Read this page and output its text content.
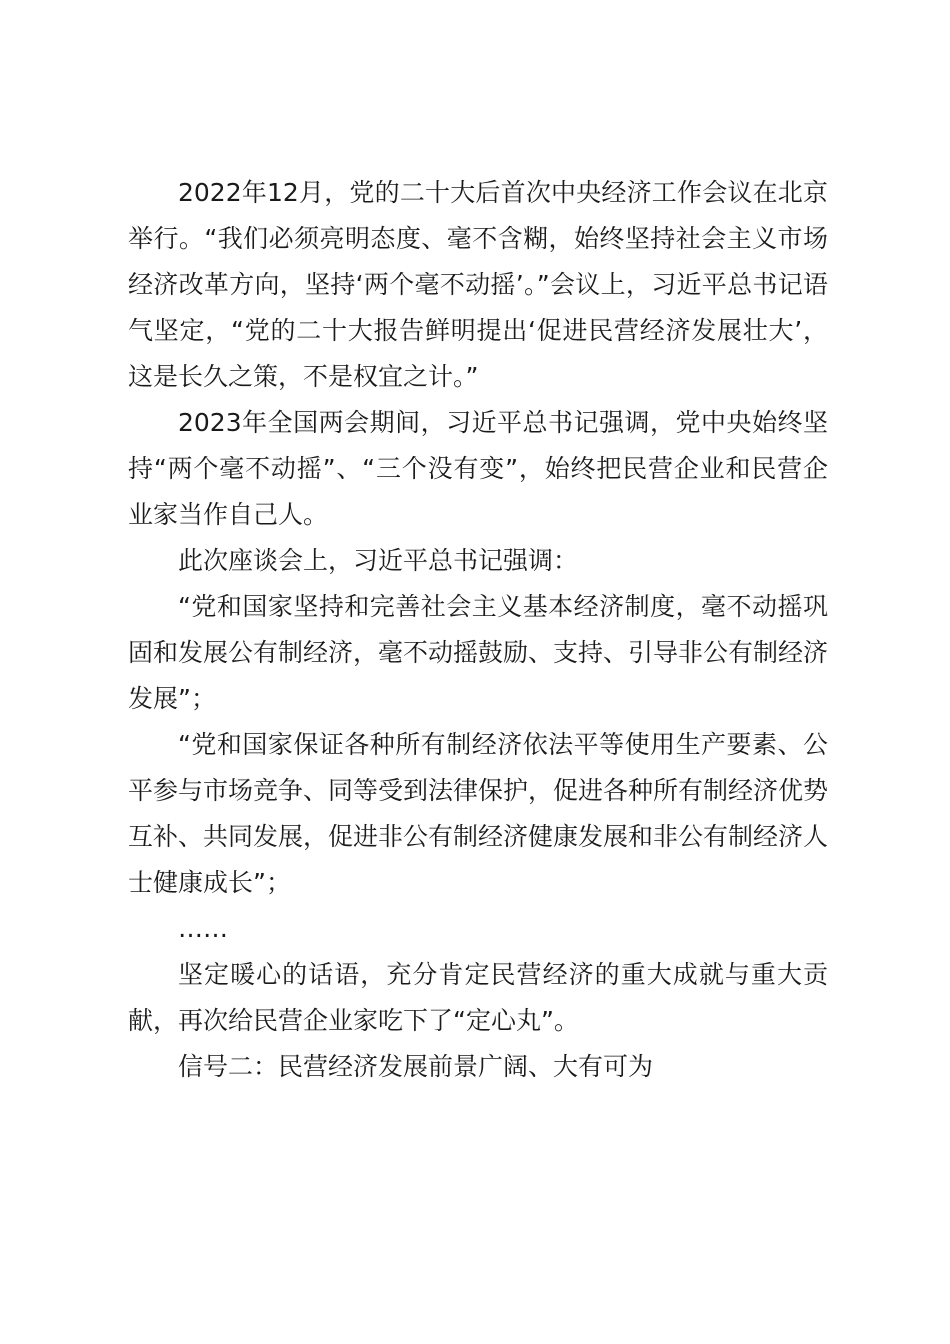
2022年12月，党的二十大后首次中央经济工作会议在北京举行。“我们必须亮明态度、毫不含糊，始终坚持社会主义市场经济改革方向，坚持‘两个毫不动摇’。”会议上，习近平总书记语气坚定，“党的二十大报告鲜明提出‘促进民营经济发展壮大’，这是长久之策，不是权宜之计。”

2023年全国两会期间，习近平总书记强调，党中央始终坚持“两个毫不动摇”、“三个没有变”，始终把民营企业和民营企业家当作自己人。

此次座谈会上，习近平总书记强调：

“党和国家坚持和完善社会主义基本经济制度，毫不动摇巩固和发展公有制经济，毫不动摇鼓励、支持、引导非公有制经济发展”；

“党和国家保证各种所有制经济依法平等使用生产要素、公平参与市场竞争、同等受到法律保护，促进各种所有制经济优势互补、共同发展，促进非公有制经济健康发展和非公有制经济人士健康成长”；

……

坚定暖心的话语，充分肯定民营经济的重大成就与重大贡献，再次给民营企业家吃下了“定心丸”。

信号二：民营经济发展前景广阔、大有可为
